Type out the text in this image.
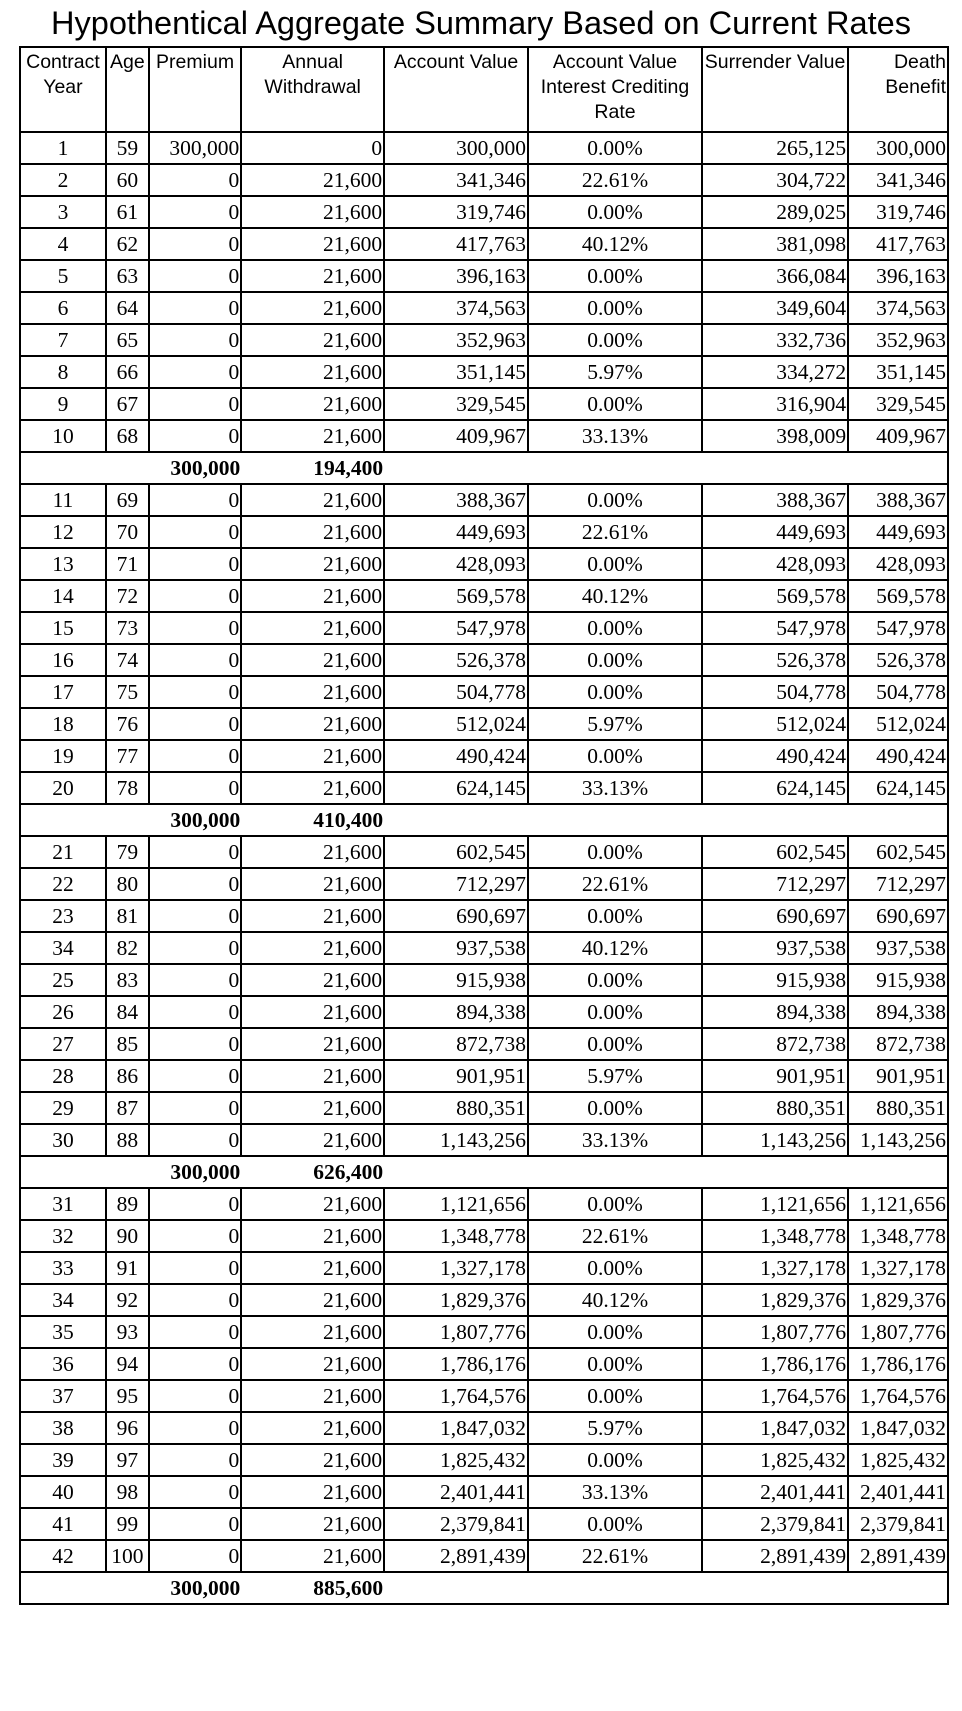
Hypothentical Aggregate Summary Based on Current Rates
Contract Year	Age	Premium	Annual Withdrawal	Account Value	Account Value Interest Crediting Rate	Surrender Value	Death Benefit
1	59	300,000	0	300,000	0.00%	265,125	300,000
2	60	0	21,600	341,346	22.61%	304,722	341,346
3	61	0	21,600	319,746	0.00%	289,025	319,746
4	62	0	21,600	417,763	40.12%	381,098	417,763
5	63	0	21,600	396,163	0.00%	366,084	396,163
6	64	0	21,600	374,563	0.00%	349,604	374,563
7	65	0	21,600	352,963	0.00%	332,736	352,963
8	66	0	21,600	351,145	5.97%	334,272	351,145
9	67	0	21,600	329,545	0.00%	316,904	329,545
10	68	0	21,600	409,967	33.13%	398,009	409,967
		300,000	194,400				
11	69	0	21,600	388,367	0.00%	388,367	388,367
12	70	0	21,600	449,693	22.61%	449,693	449,693
13	71	0	21,600	428,093	0.00%	428,093	428,093
14	72	0	21,600	569,578	40.12%	569,578	569,578
15	73	0	21,600	547,978	0.00%	547,978	547,978
16	74	0	21,600	526,378	0.00%	526,378	526,378
17	75	0	21,600	504,778	0.00%	504,778	504,778
18	76	0	21,600	512,024	5.97%	512,024	512,024
19	77	0	21,600	490,424	0.00%	490,424	490,424
20	78	0	21,600	624,145	33.13%	624,145	624,145
		300,000	410,400				
21	79	0	21,600	602,545	0.00%	602,545	602,545
22	80	0	21,600	712,297	22.61%	712,297	712,297
23	81	0	21,600	690,697	0.00%	690,697	690,697
34	82	0	21,600	937,538	40.12%	937,538	937,538
25	83	0	21,600	915,938	0.00%	915,938	915,938
26	84	0	21,600	894,338	0.00%	894,338	894,338
27	85	0	21,600	872,738	0.00%	872,738	872,738
28	86	0	21,600	901,951	5.97%	901,951	901,951
29	87	0	21,600	880,351	0.00%	880,351	880,351
30	88	0	21,600	1,143,256	33.13%	1,143,256	1,143,256
		300,000	626,400				
31	89	0	21,600	1,121,656	0.00%	1,121,656	1,121,656
32	90	0	21,600	1,348,778	22.61%	1,348,778	1,348,778
33	91	0	21,600	1,327,178	0.00%	1,327,178	1,327,178
34	92	0	21,600	1,829,376	40.12%	1,829,376	1,829,376
35	93	0	21,600	1,807,776	0.00%	1,807,776	1,807,776
36	94	0	21,600	1,786,176	0.00%	1,786,176	1,786,176
37	95	0	21,600	1,764,576	0.00%	1,764,576	1,764,576
38	96	0	21,600	1,847,032	5.97%	1,847,032	1,847,032
39	97	0	21,600	1,825,432	0.00%	1,825,432	1,825,432
40	98	0	21,600	2,401,441	33.13%	2,401,441	2,401,441
41	99	0	21,600	2,379,841	0.00%	2,379,841	2,379,841
42	100	0	21,600	2,891,439	22.61%	2,891,439	2,891,439
		300,000	885,600				
